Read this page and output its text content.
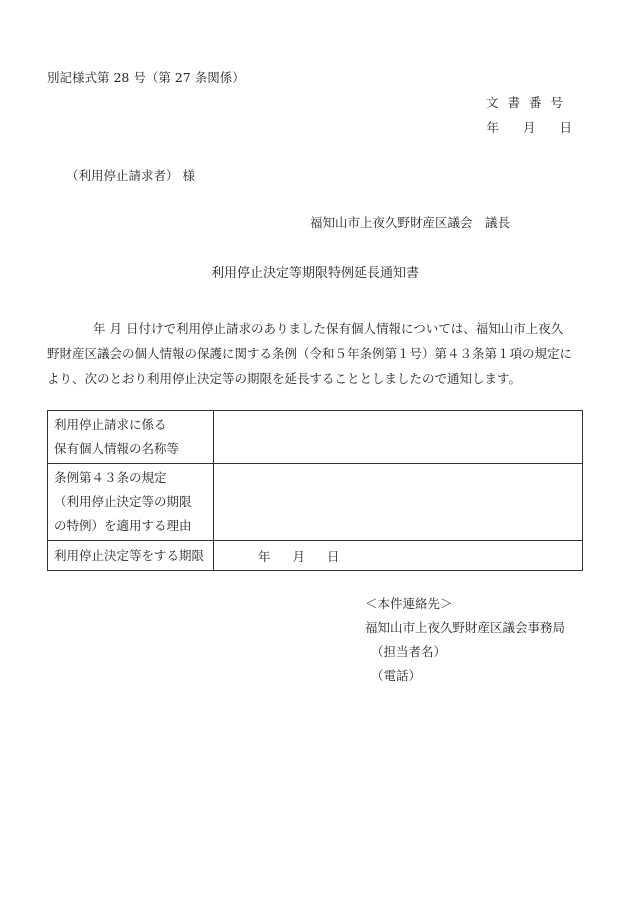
別記様式第 28 号（第 27 条関係）
文書番号
年 月 日
（利用停止請求者） 様
福知山市上夜久野財産区議会　議長
利用停止決定等期限特例延長通知書
年 月 日付けで利用停止請求のありました保有個人情報については、福知山市上夜久
野財産区議会の個人情報の保護に関する条例（令和５年条例第１号）第４３条第１項の規定に
より、次のとおり利用停止決定等の期限を延長することとしましたので通知します。
利用停止請求に係る
保有個人情報の名称等	

条例第４３条の規定
（利用停止決定等の期限
の特例）を適用する理由	

利用停止決定等をする期限	年 月 日
＜本件連絡先＞
福知山市上夜久野財産区議会事務局
（担当者名）
（電話）
